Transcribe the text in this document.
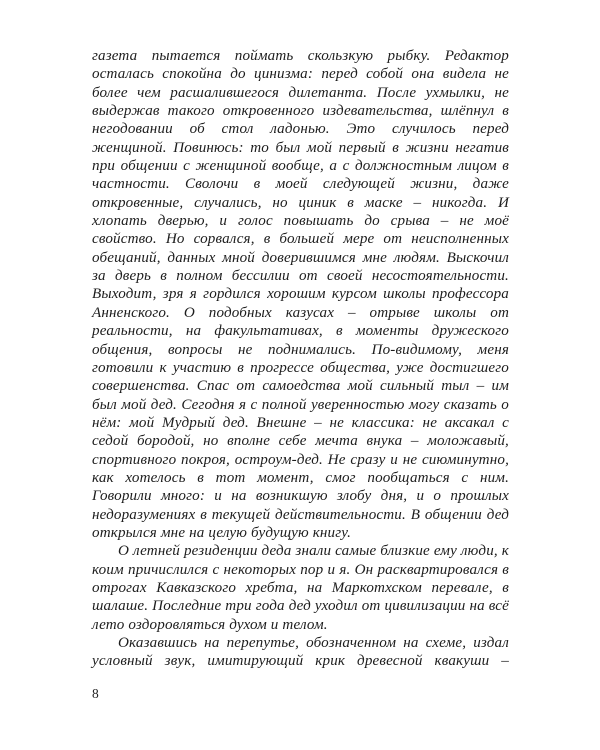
газета пытается поймать скользкую рыбку. Редактор осталась спокойна до цинизма: перед собой она видела не более чем расшалившегося дилетанта. После ухмылки, не выдержав такого откровенного издевательства, шлёпнул в негодовании об стол ладонью. Это случилось перед женщиной. Повинюсь: то был мой первый в жизни негатив при общении с женщиной вообще, а с должностным лицом в частности. Сволочи в моей следующей жизни, даже откровенные, случались, но циник в маске – никогда. И хлопать дверью, и голос повышать до срыва – не моё свойство. Но сорвался, в большей мере от неисполненных обещаний, данных мной доверившимся мне людям. Выскочил за дверь в полном бессилии от своей несостоятельности. Выходит, зря я гордился хорошим курсом школы профессора Анненского. О подобных казусах – отрыве школы от реальности, на факультативах, в моменты дружеского общения, вопросы не поднимались. По-видимому, меня готовили к участию в прогрессе общества, уже достигшего совершенства. Спас от самоедства мой сильный тыл – им был мой дед. Сегодня я с полной уверенностью могу сказать о нём: мой Мудрый дед. Внешне – не классика: не аксакал с седой бородой, но вполне себе мечта внука – моложавый, спортивного покроя, остроум-дед. Не сразу и не сиюминутно, как хотелось в тот момент, смог пообщаться с ним. Говорили много: и на возникшую злобу дня, и о прошлых недоразумениях в текущей действительности. В общении дед открылся мне на целую будущую книгу.

О летней резиденции деда знали самые близкие ему люди, к коим причислился с некоторых пор и я. Он расквартировался в отрогах Кавказского хребта, на Маркотхском перевале, в шалаше. Последние три года дед уходил от цивилизации на всё лето оздоровляться духом и телом.

Оказавшись на перепутье, обозначенном на схеме, издал условный звук, имитирующий крик древесной квакуши –

8
